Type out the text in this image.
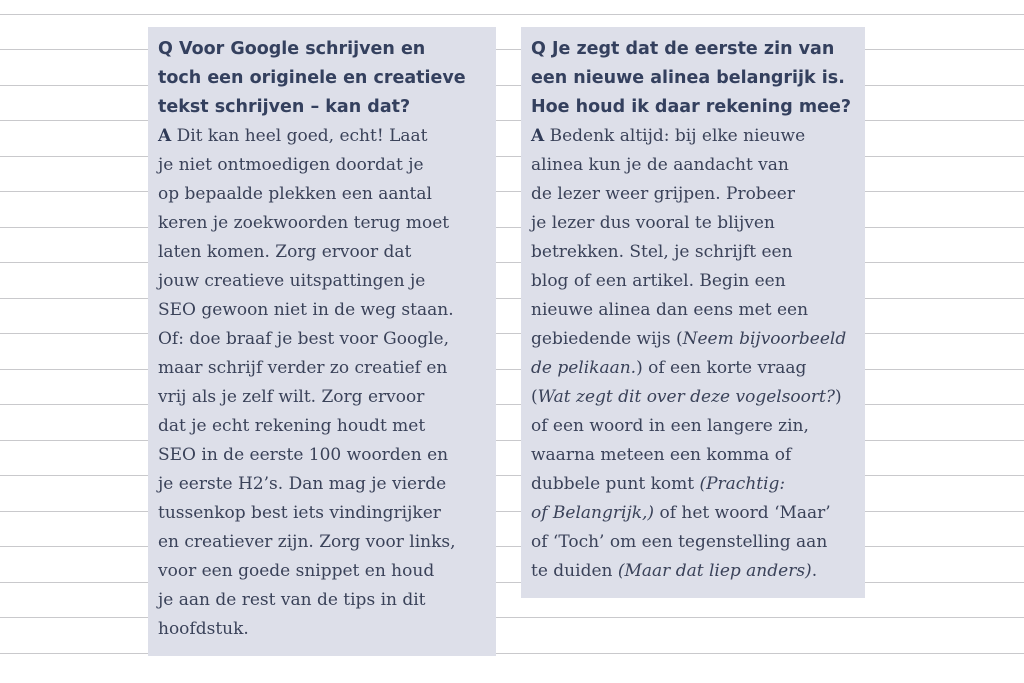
Q Voor Google schrijven en

toch een originele en creatieve

tekst schrijven – kan dat?

A Dit kan heel goed, echt! Laat

je niet ontmoedigen doordat je

op bepaalde plekken een aantal

keren je zoekwoorden terug moet

laten komen. Zorg ervoor dat

jouw creatieve uitspattingen je

SEO gewoon niet in de weg staan.

Of: doe braaf je best voor Google,

maar schrijf verder zo creatief en

vrij als je zelf wilt. Zorg ervoor

dat je echt rekening houdt met

SEO in de eerste 100 woorden en

je eerste H2’s. Dan mag je vierde

tussenkop best iets vindingrijker

en creatiever zijn. Zorg voor links,

voor een goede snippet en houd

je aan de rest van de tips in dit

hoofdstuk.

Q Je zegt dat de eerste zin van

een nieuwe alinea belangrijk is.

Hoe houd ik daar rekening mee?

A Bedenk altijd: bij elke nieuwe

alinea kun je de aandacht van

de lezer weer grijpen. Probeer

je lezer dus vooral te blijven

betrekken. Stel, je schrijft een

blog of een artikel. Begin een

nieuwe alinea dan eens met een

gebiedende wijs (Neem bijvoorbeeld

de pelikaan.) of een korte vraag

(Wat zegt dit over deze vogelsoort?)

of een woord in een langere zin,

waarna meteen een komma of

dubbele punt komt (Prachtig:

of Belangrijk,) of het woord ‘Maar’

of ‘Toch’ om een tegenstelling aan

te duiden (Maar dat liep anders).
